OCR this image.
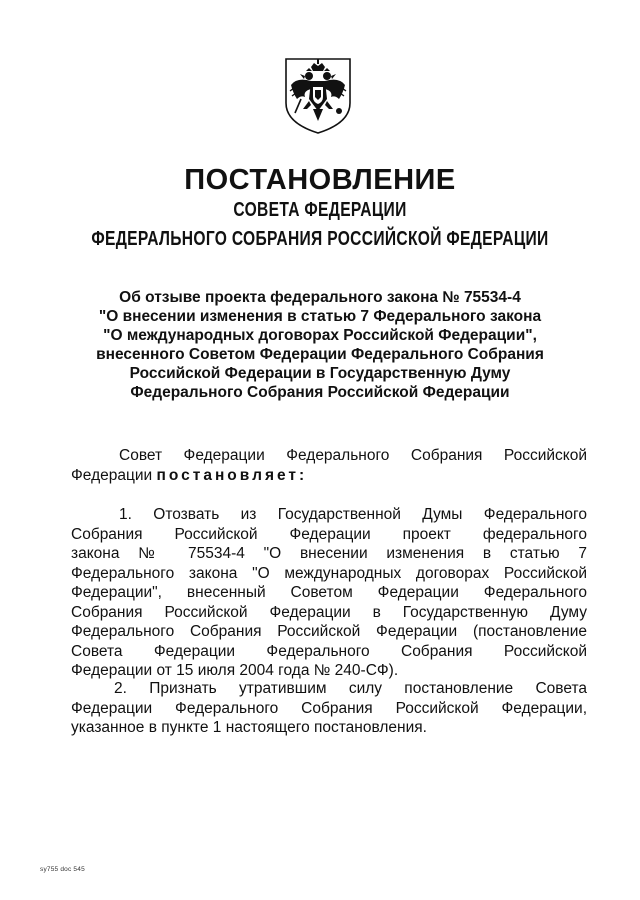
ПОСТАНОВЛЕНИЕ
СОВЕТА ФЕДЕРАЦИИ
ФЕДЕРАЛЬНОГО СОБРАНИЯ РОССИЙСКОЙ ФЕДЕРАЦИИ
Об отзыве проекта федерального закона № 75534-4
"О внесении изменения в статью 7 Федерального закона
"О международных договорах Российской Федерации",
внесенного Советом Федерации Федерального Собрания
Российской Федерации в Государственную Думу
Федерального Собрания Российской Федерации
Совет Федерации Федерального Собрания Российской
Федерации постановляет:
1. Отозвать из Государственной Думы Федерального
Собрания Российской Федерации проект федерального
закона № 75534-4 "О внесении изменения в статью 7
Федерального закона "О международных договорах Российской
Федерации", внесенный Советом Федерации Федерального
Собрания Российской Федерации в Государственную Думу
Федерального Собрания Российской Федерации (постановление
Совета Федерации Федерального Собрания Российской
Федерации от 15 июля 2004 года № 240-СФ).
2. Признать утратившим силу постановление Совета
Федерации Федерального Собрания Российской Федерации,
указанное в пункте 1 настоящего постановления.
sy755 doc 545
